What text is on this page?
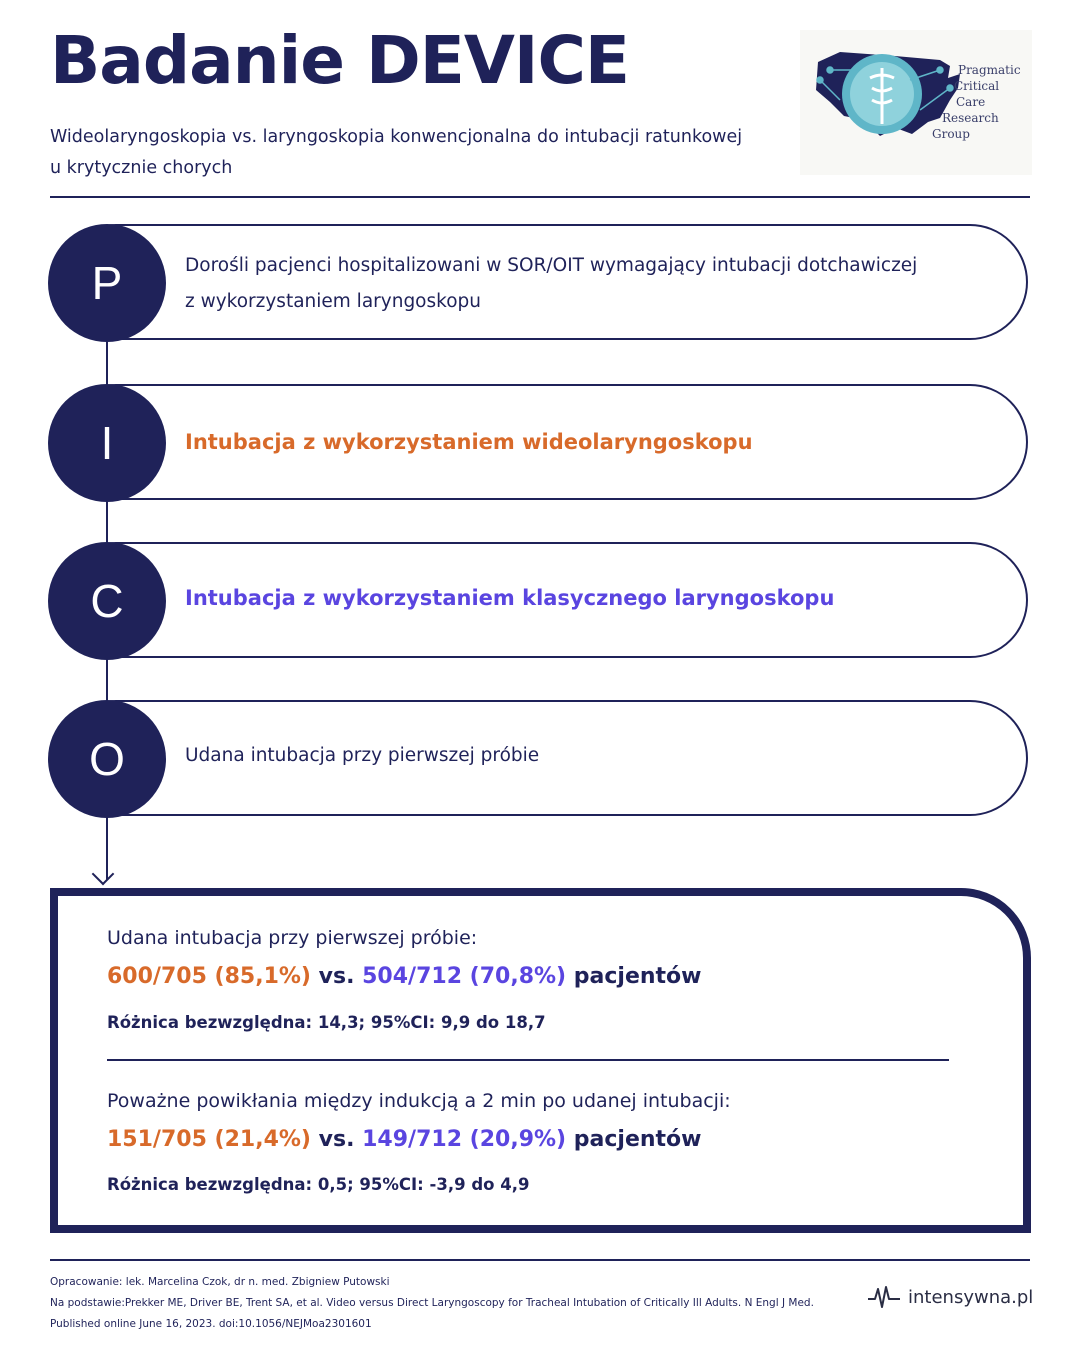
Badanie DEVICE
Wideolaryngoskopia vs. laryngoskopia konwencjonalna do intubacji ratunkowej
u krytycznie chorych
Pragmatic
Critical
Care
Research
Group
Dorośli pacjenci hospitalizowani w SOR/OIT wymagający intubacji dotchawiczej
z wykorzystaniem laryngoskopu
P
Intubacja z wykorzystaniem wideolaryngoskopu
I
Intubacja z wykorzystaniem klasycznego laryngoskopu
C
Udana intubacja przy pierwszej próbie
O
Udana intubacja przy pierwszej próbie:
600/705 (85,1%) vs. 504/712 (70,8%) pacjentów
Różnica bezwzględna: 14,3; 95%CI: 9,9 do 18,7
Poważne powikłania między indukcją a 2 min po udanej intubacji:
151/705 (21,4%) vs. 149/712 (20,9%) pacjentów
Różnica bezwzględna: 0,5; 95%CI: -3,9 do 4,9
Opracowanie: lek. Marcelina Czok, dr n. med. Zbigniew Putowski
Na podstawie:Prekker ME, Driver BE, Trent SA, et al. Video versus Direct Laryngoscopy for Tracheal Intubation of Critically Ill Adults. N Engl J Med.
Published online June 16, 2023. doi:10.1056/NEJMoa2301601
intensywna.pl
